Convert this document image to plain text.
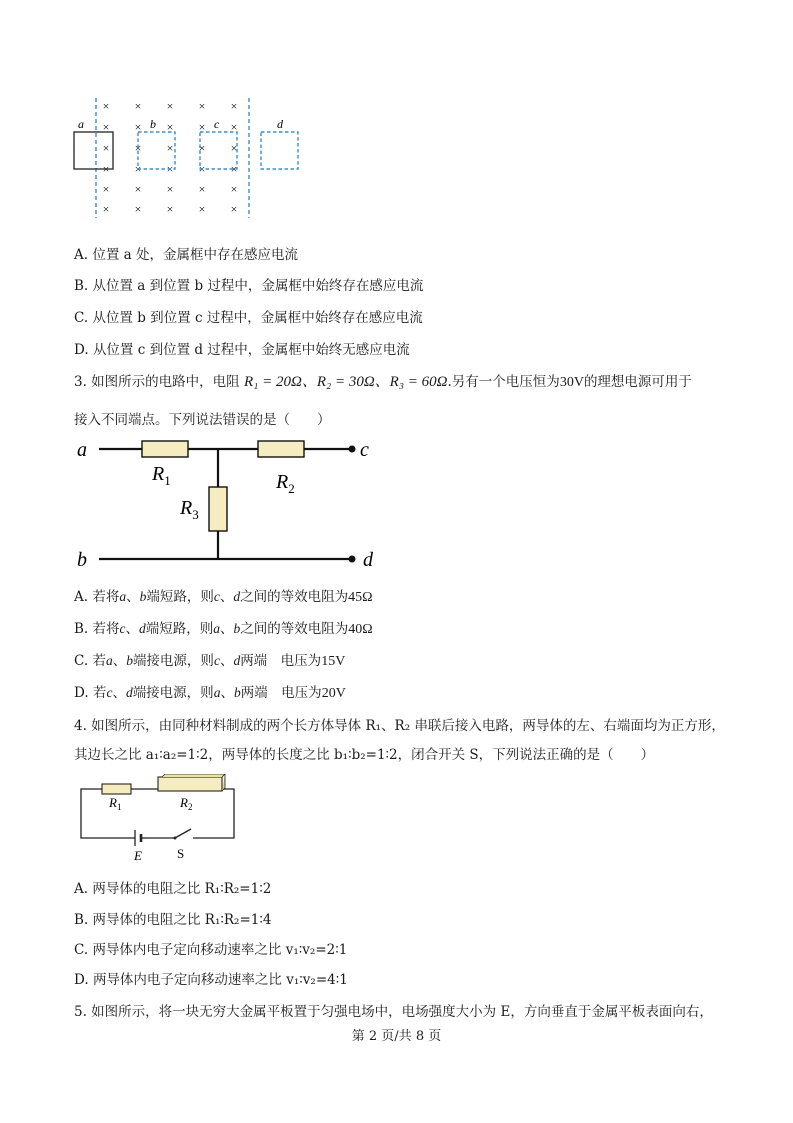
× × × × ×
× × × × ×
× × × × ×
× × × × ×
× × × × ×
× × × × ×
a	b	c	d
A. 位置 a 处，金属框中存在感应电流
B. 从位置 a 到位置 b 过程中，金属框中始终存在感应电流
C. 从位置 b 到位置 c 过程中，金属框中始终存在感应电流
D. 从位置 c 到位置 d 过程中，金属框中始终无感应电流
3. 如图所示的电路中，电阻 R₁ = 20Ω、R₂ = 30Ω、R₃ = 60Ω.另有一个电压恒为30V的理想电源可用于
接入不同端点。下列说法错误的是（　　）
a
b
c
d
$R_1$	$R_2$
$R_3$
A. 若将a、b端短路，则c、d之间的等效电阻为45Ω
B. 若将c、d端短路，则a、b之间的等效电阻为40Ω
C. 若a、b端接电源，则c、d两端　电压为15V
D. 若c、d端接电源，则a、b两端　电压为20V
4. 如图所示，由同种材料制成的两个长方体导体 R₁、R₂ 串联后接入电路，两导体的左、右端面均为正方形，
其边长之比 a₁∶a₂=1∶2，两导体的长度之比 b₁∶b₂=1∶2，闭合开关 S，下列说法正确的是（　　）
$R_1$	$R_2$
E	S
A. 两导体的电阻之比 R₁∶R₂=1∶2
B. 两导体的电阻之比 R₁∶R₂=1∶4
C. 两导体内电子定向移动速率之比 v₁∶v₂=2∶1
D. 两导体内电子定向移动速率之比 v₁∶v₂=4∶1
5. 如图所示，将一块无穷大金属平板置于匀强电场中，电场强度大小为 E，方向垂直于金属平板表面向右，
第 2 页/共 8 页
